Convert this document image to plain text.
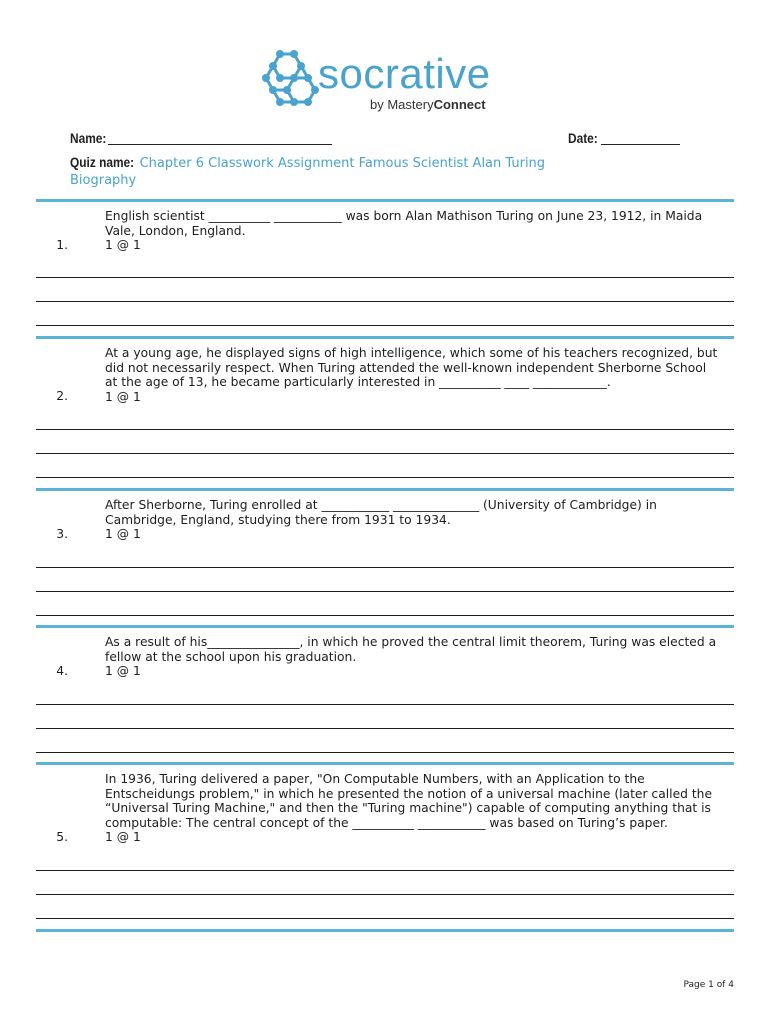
socrative
by MasteryConnect
Name:	Date:
Quiz name: Chapter 6 Classwork Assignment Famous Scientist Alan Turing Biography
English scientist __________ ___________ was born Alan Mathison Turing on June 23, 1912, in Maida Vale, London, England.
1 @ 1
1.
At a young age, he displayed signs of high intelligence, which some of his teachers recognized, but did not necessarily respect. When Turing attended the well-known independent Sherborne School at the age of 13, he became particularly interested in __________ ____ ____________.
1 @ 1
2.
After Sherborne, Turing enrolled at ___________ ______________ (University of Cambridge) in Cambridge, England, studying there from 1931 to 1934.
1 @ 1
3.
As a result of his_______________, in which he proved the central limit theorem, Turing was elected a fellow at the school upon his graduation.
1 @ 1
4.
In 1936, Turing delivered a paper, "On Computable Numbers, with an Application to the Entscheidungs problem," in which he presented the notion of a universal machine (later called the “Universal Turing Machine," and then the "Turing machine") capable of computing anything that is computable: The central concept of the __________ ___________ was based on Turing’s paper.
1 @ 1
5.
Page 1 of 4
